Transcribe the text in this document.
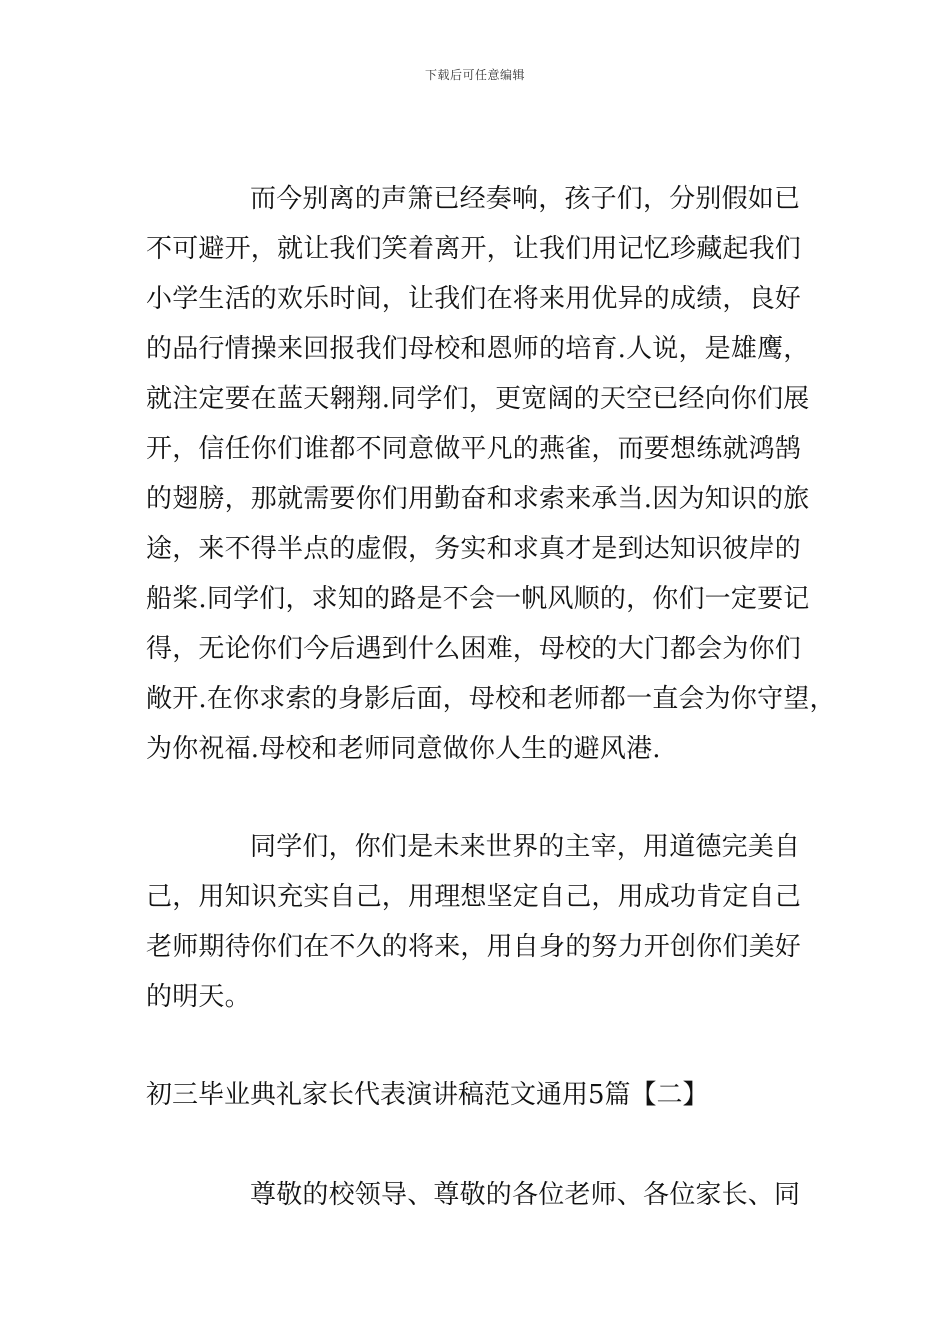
下载后可任意编辑
而今别离的声箫已经奏响，孩子们，分别假如已
不可避开，就让我们笑着离开，让我们用记忆珍藏起我们
小学生活的欢乐时间，让我们在将来用优异的成绩，良好
的品行情操来回报我们母校和恩师的培育.人说，是雄鹰，
就注定要在蓝天翱翔.同学们，更宽阔的天空已经向你们展
开，信任你们谁都不同意做平凡的燕雀，而要想练就鸿鹄
的翅膀，那就需要你们用勤奋和求索来承当.因为知识的旅
途，来不得半点的虚假，务实和求真才是到达知识彼岸的
船桨.同学们，求知的路是不会一帆风顺的，你们一定要记
得，无论你们今后遇到什么困难，母校的大门都会为你们
敞开.在你求索的身影后面，母校和老师都一直会为你守望，
为你祝福.母校和老师同意做你人生的避风港.
同学们，你们是未来世界的主宰，用道德完美自
己，用知识充实自己，用理想坚定自己，用成功肯定自己
老师期待你们在不久的将来，用自身的努力开创你们美好
的明天。
初三毕业典礼家长代表演讲稿范文通用5篇【二】
尊敬的校领导、尊敬的各位老师、各位家长、同
